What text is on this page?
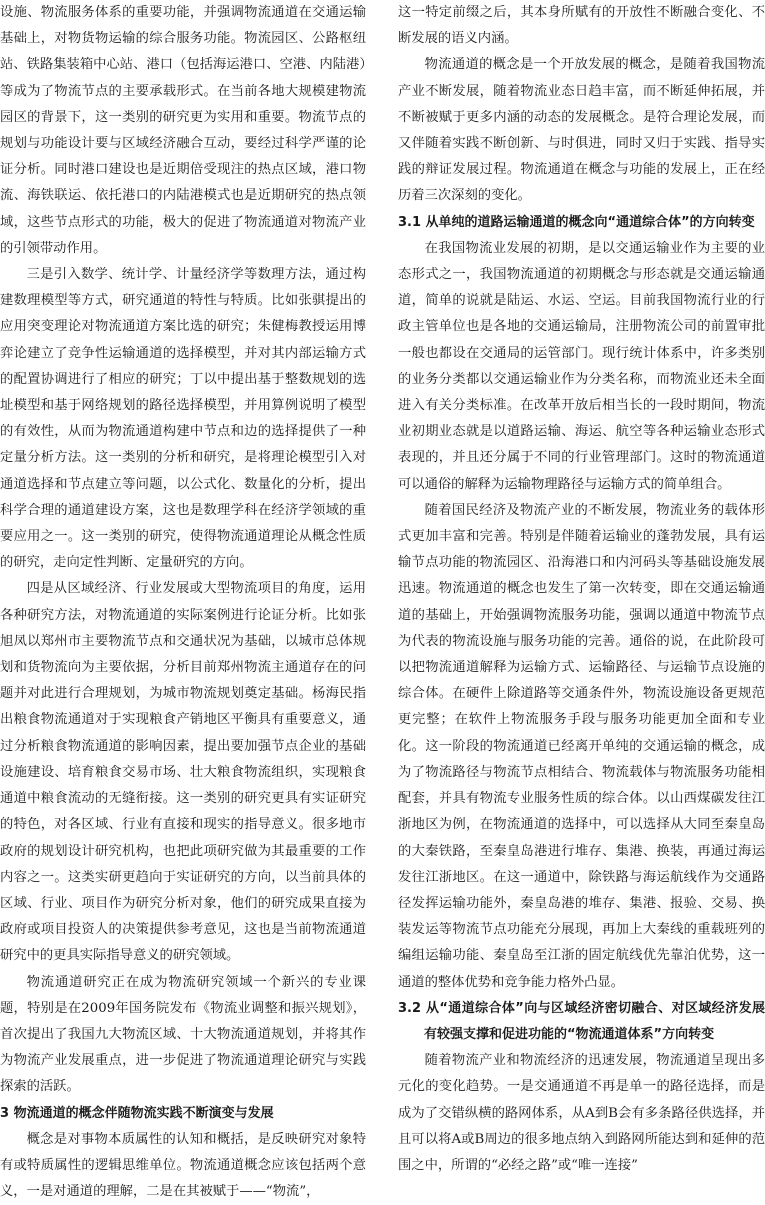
设施、物流服务体系的重要功能，并强调物流通道在交通运输基础上，对物货物运输的综合服务功能。物流园区、公路枢纽站、铁路集装箱中心站、港口（包括海运港口、空港、内陆港）等成为了物流节点的主要承载形式。在当前各地大规模建物流园区的背景下，这一类别的研究更为实用和重要。物流节点的规划与功能设计要与区域经济融合互动，要经过科学严谨的论证分析。同时港口建设也是近期倍受现注的热点区域，港口物流、海铁联运、依托港口的内陆港模式也是近期研究的热点领域，这些节点形式的功能，极大的促进了物流通道对物流产业的引领带动作用。

三是引入数学、统计学、计量经济学等数理方法，通过构建数理模型等方式，研究通道的特性与特质。比如张骐提出的应用突变理论对物流通道方案比选的研究；朱健梅教授运用博弈论建立了竞争性运输通道的选择模型，并对其内部运输方式的配置协调进行了相应的研究；丁以中提出基于整数规划的选址模型和基于网络规划的路径选择模型，并用算例说明了模型的有效性，从而为物流通道构建中节点和边的选择提供了一种定量分析方法。这一类别的分析和研究，是将理论模型引入对通道选择和节点建立等问题，以公式化、数量化的分析，提出科学合理的通道建设方案，这也是数理学科在经济学领域的重要应用之一。这一类别的研究，使得物流通道理论从概念性质的研究，走向定性判断、定量研究的方向。

四是从区域经济、行业发展或大型物流项目的角度，运用各种研究方法，对物流通道的实际案例进行论证分析。比如张旭凤以郑州市主要物流节点和交通状况为基础，以城市总体规划和货物流向为主要依据，分析目前郑州物流主通道存在的问题并对此进行合理规划，为城市物流规划奠定基础。杨海民指出粮食物流通道对于实现粮食产销地区平衡具有重要意义，通过分析粮食物流通道的影响因素，提出要加强节点企业的基础设施建设、培育粮食交易市场、壮大粮食物流组织，实现粮食通道中粮食流动的无缝衔接。这一类别的研究更具有实证研究的特色，对各区域、行业有直接和现实的指导意义。很多地市政府的规划设计研究机构，也把此项研究做为其最重要的工作内容之一。这类实研更趋向于实证研究的方向，以当前具体的区域、行业、项目作为研究分析对象，他们的研究成果直接为政府或项目投资人的决策提供参考意见，这也是当前物流通道研究中的更具实际指导意义的研究领域。

物流通道研究正在成为物流研究领域一个新兴的专业课题，特别是在2009年国务院发布《物流业调整和振兴规划》，首次提出了我国九大物流区域、十大物流通道规划，并将其作为物流产业发展重点，进一步促进了物流通道理论研究与实践探索的活跃。

3 物流通道的概念伴随物流实践不断演变与发展

概念是对事物本质属性的认知和概括，是反映研究对象特有或特质属性的逻辑思维单位。物流通道概念应该包括两个意义，一是对通道的理解，二是在其被赋于——“物流”，

这一特定前缀之后，其本身所赋有的开放性不断融合变化、不断发展的语义内涵。

物流通道的概念是一个开放发展的概念，是随着我国物流产业不断发展，随着物流业态日趋丰富，而不断延伸拓展，并不断被赋于更多内涵的动态的发展概念。是符合理论发展，而又伴随着实践不断创新、与时俱进，同时又归于实践、指导实践的辩证发展过程。物流通道在概念与功能的发展上，正在经历着三次深刻的变化。

3.1 从单纯的道路运输通道的概念向“通道综合体”的方向转变

在我国物流业发展的初期，是以交通运输业作为主要的业态形式之一，我国物流通道的初期概念与形态就是交通运输通道，简单的说就是陆运、水运、空运。目前我国物流行业的行政主管单位也是各地的交通运输局，注册物流公司的前置审批一般也都设在交通局的运管部门。现行统计体系中，许多类别的业务分类都以交通运输业作为分类名称，而物流业还未全面进入有关分类标准。在改革开放后相当长的一段时期间，物流业初期业态就是以道路运输、海运、航空等各种运输业态形式表现的，并且还分属于不同的行业管理部门。这时的物流通道可以通俗的解释为运输物理路径与运输方式的简单组合。

随着国民经济及物流产业的不断发展，物流业务的载体形式更加丰富和完善。特别是伴随着运输业的蓬勃发展，具有运输节点功能的物流园区、沿海港口和内河码头等基础设施发展迅速。物流通道的概念也发生了第一次转变，即在交通运输通道的基础上，开始强调物流服务功能，强调以通道中物流节点为代表的物流设施与服务功能的完善。通俗的说，在此阶段可以把物流通道解释为运输方式、运输路径、与运输节点设施的综合体。在硬件上除道路等交通条件外，物流设施设备更规范更完整；在软件上物流服务手段与服务功能更加全面和专业化。这一阶段的物流通道已经离开单纯的交通运输的概念，成为了物流路径与物流节点相结合、物流载体与物流服务功能相配套，并具有物流专业服务性质的综合体。以山西煤碳发往江浙地区为例，在物流通道的选择中，可以选择从大同至秦皇岛的大秦铁路，至秦皇岛港进行堆存、集港、换装，再通过海运发往江浙地区。在这一通道中，除铁路与海运航线作为交通路径发挥运输功能外，秦皇岛港的堆存、集港、报验、交易、换装发运等物流节点功能充分展现，再加上大秦线的重载班列的编组运输功能、秦皇岛至江浙的固定航线优先靠泊优势，这一通道的整体优势和竞争能力格外凸显。

3.2 从“通道综合体”向与区域经济密切融合、对区域经济发展有较强支撑和促进功能的“物流通道体系”方向转变

随着物流产业和物流经济的迅速发展，物流通道呈现出多元化的变化趋势。一是交通通道不再是单一的路径选择，而是成为了交错纵横的路网体系，从A到B会有多条路径供选择，并且可以将A或B周边的很多地点纳入到路网所能达到和延伸的范围之中，所谓的“必经之路”或“唯一连接”
